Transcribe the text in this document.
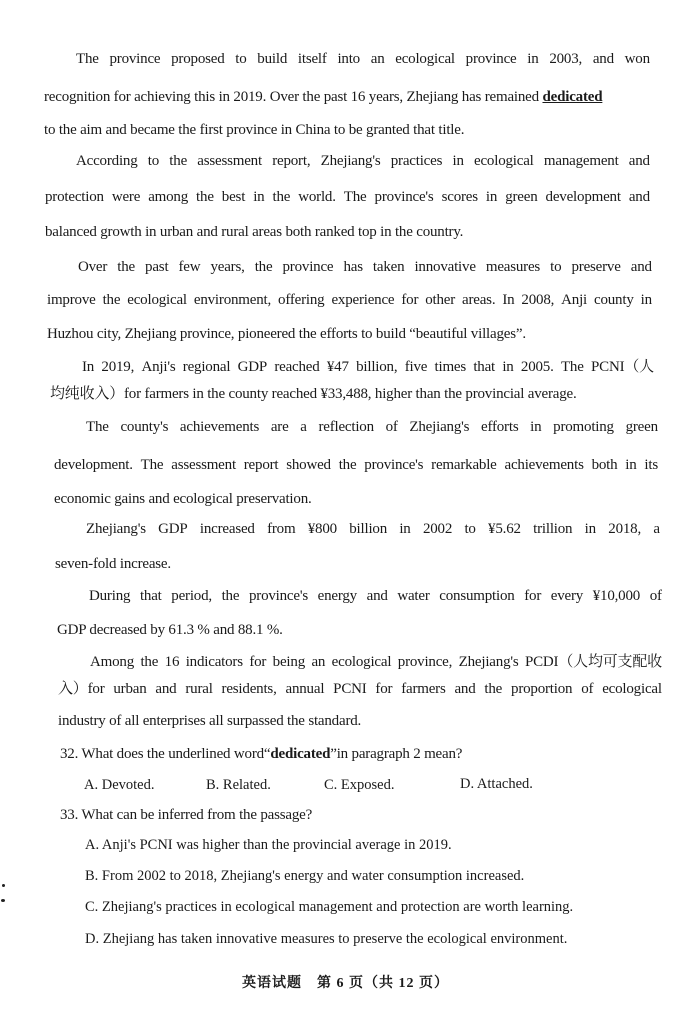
The province proposed to build itself into an ecological province in 2003, and won
recognition for achieving this in 2019. Over the past 16 years, Zhejiang has remained dedicated
to the aim and became the first province in China to be granted that title.
According to the assessment report, Zhejiang's practices in ecological management and
protection were among the best in the world. The province's scores in green development and
balanced growth in urban and rural areas both ranked top in the country.
Over the past few years, the province has taken innovative measures to preserve and
improve the ecological environment, offering experience for other areas. In 2008, Anji county in
Huzhou city, Zhejiang province, pioneered the efforts to build “beautiful villages”.
In 2019, Anji's regional GDP reached ¥47 billion, five times that in 2005. The PCNI（人
均纯收入）for farmers in the county reached ¥33,488, higher than the provincial average.
The county's achievements are a reflection of Zhejiang's efforts in promoting green
development. The assessment report showed the province's remarkable achievements both in its
economic gains and ecological preservation.
Zhejiang's GDP increased from ¥800 billion in 2002 to ¥5.62 trillion in 2018, a
seven-fold increase.
During that period, the province's energy and water consumption for every ¥10,000 of
GDP decreased by 61.3 % and 88.1 %.
Among the 16 indicators for being an ecological province, Zhejiang's PCDI（人均可支配收
入）for urban and rural residents, annual PCNI for farmers and the proportion of ecological
industry of all enterprises all surpassed the standard.
32. What does the underlined word“dedicated”in paragraph 2 mean?
A. Devoted.	B. Related.	C. Exposed.	D. Attached.
33. What can be inferred from the passage?
A. Anji's PCNI was higher than the provincial average in 2019.
B. From 2002 to 2018, Zhejiang's energy and water consumption increased.
C. Zhejiang's practices in ecological management and protection are worth learning.
D. Zhejiang has taken innovative measures to preserve the ecological environment.
英语试题　第 6 页（共 12 页）
